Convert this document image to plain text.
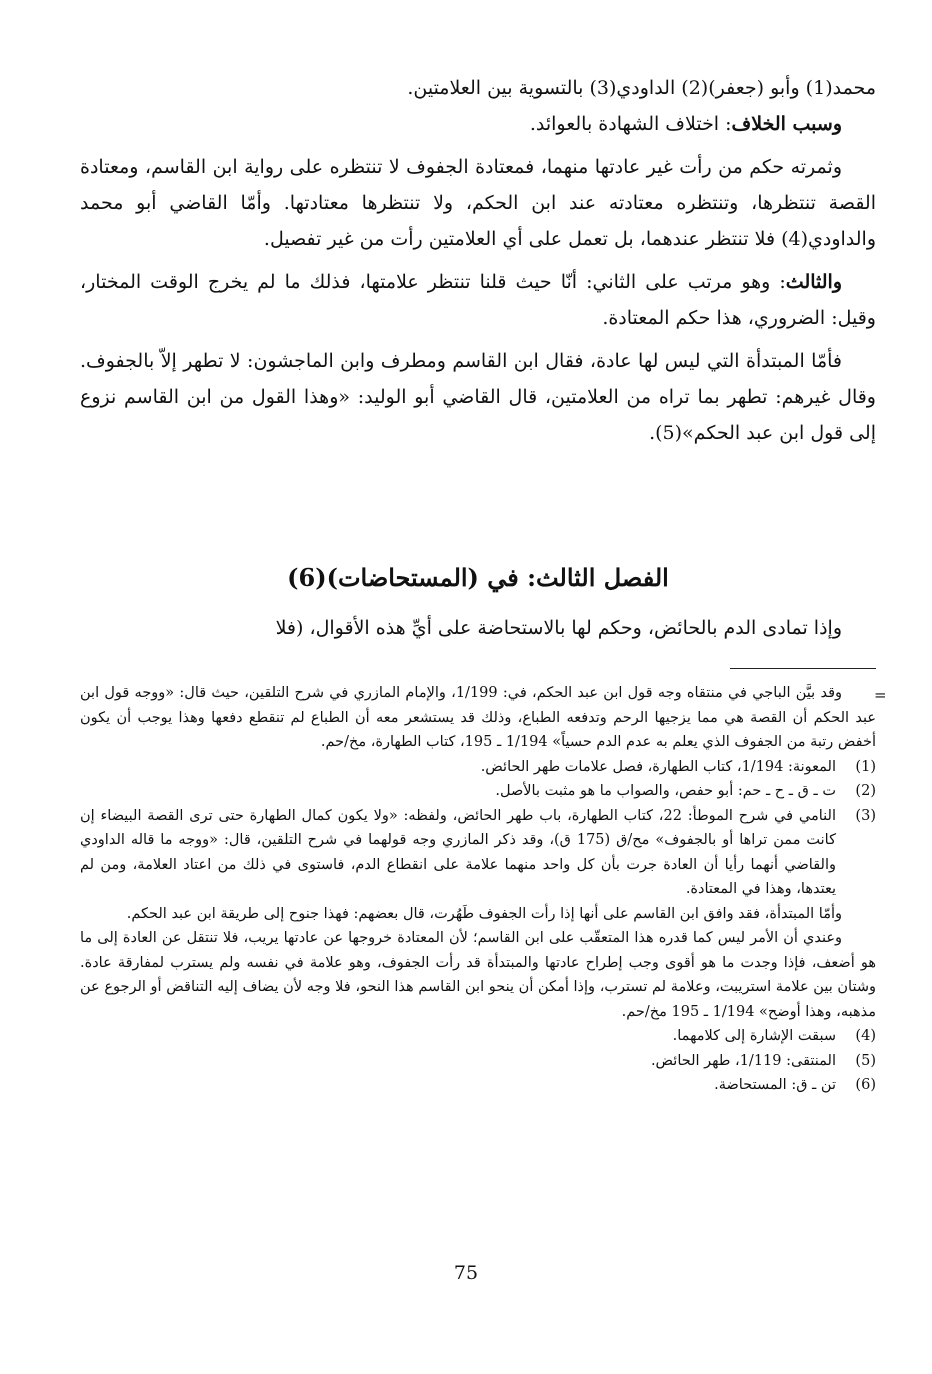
محمد(1) وأبو (جعفر)(2) الداودي(3) بالتسوية بين العلامتين.

وسبب الخلاف: اختلاف الشهادة بالعوائد.

وثمرته حكم من رأت غير عادتها منهما، فمعتادة الجفوف لا تنتظره على رواية ابن القاسم، ومعتادة القصة تنتظرها، وتنتظره معتادته عند ابن الحكم، ولا تنتظرها معتادتها. وأمّا القاضي أبو محمد والداودي(4) فلا تنتظر عندهما، بل تعمل على أي العلامتين رأت من غير تفصيل.

والثالث: وهو مرتب على الثاني: أنّا حيث قلنا تنتظر علامتها، فذلك ما لم يخرج الوقت المختار، وقيل: الضروري، هذا حكم المعتادة.

فأمّا المبتدأة التي ليس لها عادة، فقال ابن القاسم ومطرف وابن الماجشون: لا تطهر إلاّ بالجفوف. وقال غيرهم: تطهر بما تراه من العلامتين، قال القاضي أبو الوليد: «وهذا القول من ابن القاسم نزوع إلى قول ابن عبد الحكم»(5).

الفصل الثالث: في (المستحاضات)(6)

وإذا تمادى الدم بالحائض، وحكم لها بالاستحاضة على أيِّ هذه الأقوال، (فلا

=

وقد بيَّن الباجي في منتقاه وجه قول ابن عبد الحكم، في: 1/199، والإمام المازري في شرح التلقين، حيث قال: «ووجه قول ابن عبد الحكم أن القصة هي مما يزجيها الرحم وتدفعه الطباع، وذلك قد يستشعر معه أن الطباع لم تنقطع دفعها وهذا يوجب أن يكون أخفض رتبة من الجفوف الذي يعلم به عدم الدم حسياً» 1/194 ـ 195، كتاب الطهارة، مخ/حم.

(1)
المعونة: 1/194، كتاب الطهارة، فصل علامات طهر الحائض.

(2)
ت ـ ق ـ ح ـ حم: أبو حفص، والصواب ما هو مثبت بالأصل.

(3)
النامي في شرح الموطأ: 22، كتاب الطهارة، باب طهر الحائض، ولفظه: «ولا يكون كمال الطهارة حتى ترى القصة البيضاء إن كانت ممن تراها أو بالجفوف» مح/ق (175 ق)، وقد ذكر المازري وجه قولهما في شرح التلقين، قال: «ووجه ما قاله الداودي والقاضي أنهما رأيا أن العادة جرت بأن كل واحد منهما علامة على انقطاع الدم، فاستوى في ذلك من اعتاد العلامة، ومن لم يعتدها، وهذا في المعتادة.

وأمّا المبتدأة، فقد وافق ابن القاسم على أنها إذا رأت الجفوف طَهُرت، قال بعضهم: فهذا جنوح إلى طريقة ابن عبد الحكم.

وعندي أن الأمر ليس كما قدره هذا المتعقّب على ابن القاسم؛ لأن المعتادة خروجها عن عادتها يريب، فلا تنتقل عن العادة إلى ما هو أضعف، فإذا وجدت ما هو أقوى وجب إطراح عادتها والمبتدأة قد رأت الجفوف، وهو علامة في نفسه ولم يسترب لمفارقة عادة. وشتان بين علامة استريبت، وعلامة لم تسترب، وإذا أمكن أن ينحو ابن القاسم هذا النحو، فلا وجه لأن يضاف إليه التناقض أو الرجوع عن مذهبه، وهذا أوضح» 1/194 ـ 195 مخ/حم.

(4)
سبقت الإشارة إلى كلامهما.

(5)
المنتقى: 1/119، طهر الحائض.

(6)
تن ـ ق: المستحاضة.

75
